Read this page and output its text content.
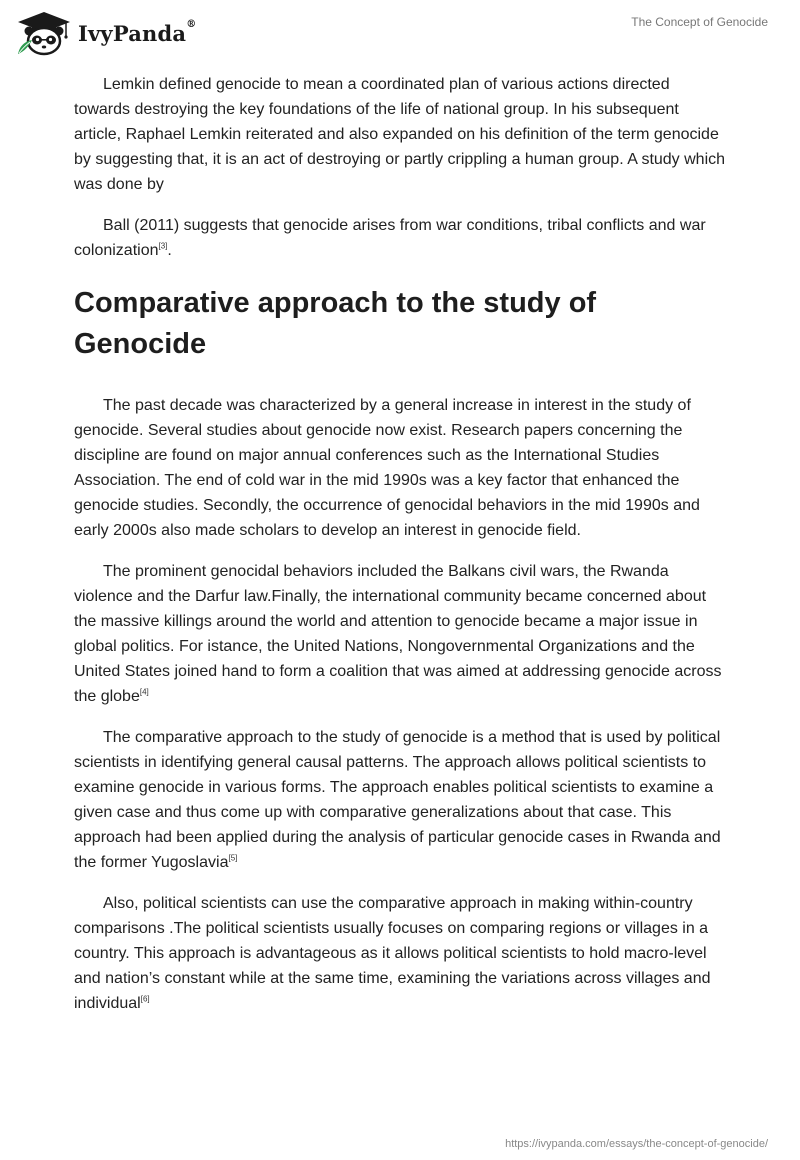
IvyPanda®	The Concept of Genocide

Lemkin defined genocide to mean a coordinated plan of various actions directed towards destroying the key foundations of the life of national group. In his subsequent article, Raphael Lemkin reiterated and also expanded on his definition of the term genocide by suggesting that, it is an act of destroying or partly crippling a human group. A study which was done by

Ball (2011) suggests that genocide arises from war conditions, tribal conflicts and war colonization[3].

Comparative approach to the study of Genocide

The past decade was characterized by a general increase in interest in the study of genocide. Several studies about genocide now exist. Research papers concerning the discipline are found on major annual conferences such as the International Studies Association. The end of cold war in the mid 1990s was a key factor that enhanced the genocide studies. Secondly, the occurrence of genocidal behaviors in the mid 1990s and early 2000s also made scholars to develop an interest in genocide field.

The prominent genocidal behaviors included the Balkans civil wars, the Rwanda violence and the Darfur law.Finally, the international community became concerned about the massive killings around the world and attention to genocide became a major issue in global politics. For istance, the United Nations, Nongovernmental Organizations and the United States joined hand to form a coalition that was aimed at addressing genocide across the globe[4]

The comparative approach to the study of genocide is a method that is used by political scientists in identifying general causal patterns. The approach allows political scientists to examine genocide in various forms. The approach enables political scientists to examine a given case and thus come up with comparative generalizations about that case. This approach had been applied during the analysis of particular genocide cases in Rwanda and the former Yugoslavia[5]

Also, political scientists can use the comparative approach in making within-country comparisons .The political scientists usually focuses on comparing regions or villages in a country. This approach is advantageous as it allows political scientists to hold macro-level and nation’s constant while at the same time, examining the variations across villages and individual[6]

https://ivypanda.com/essays/the-concept-of-genocide/
